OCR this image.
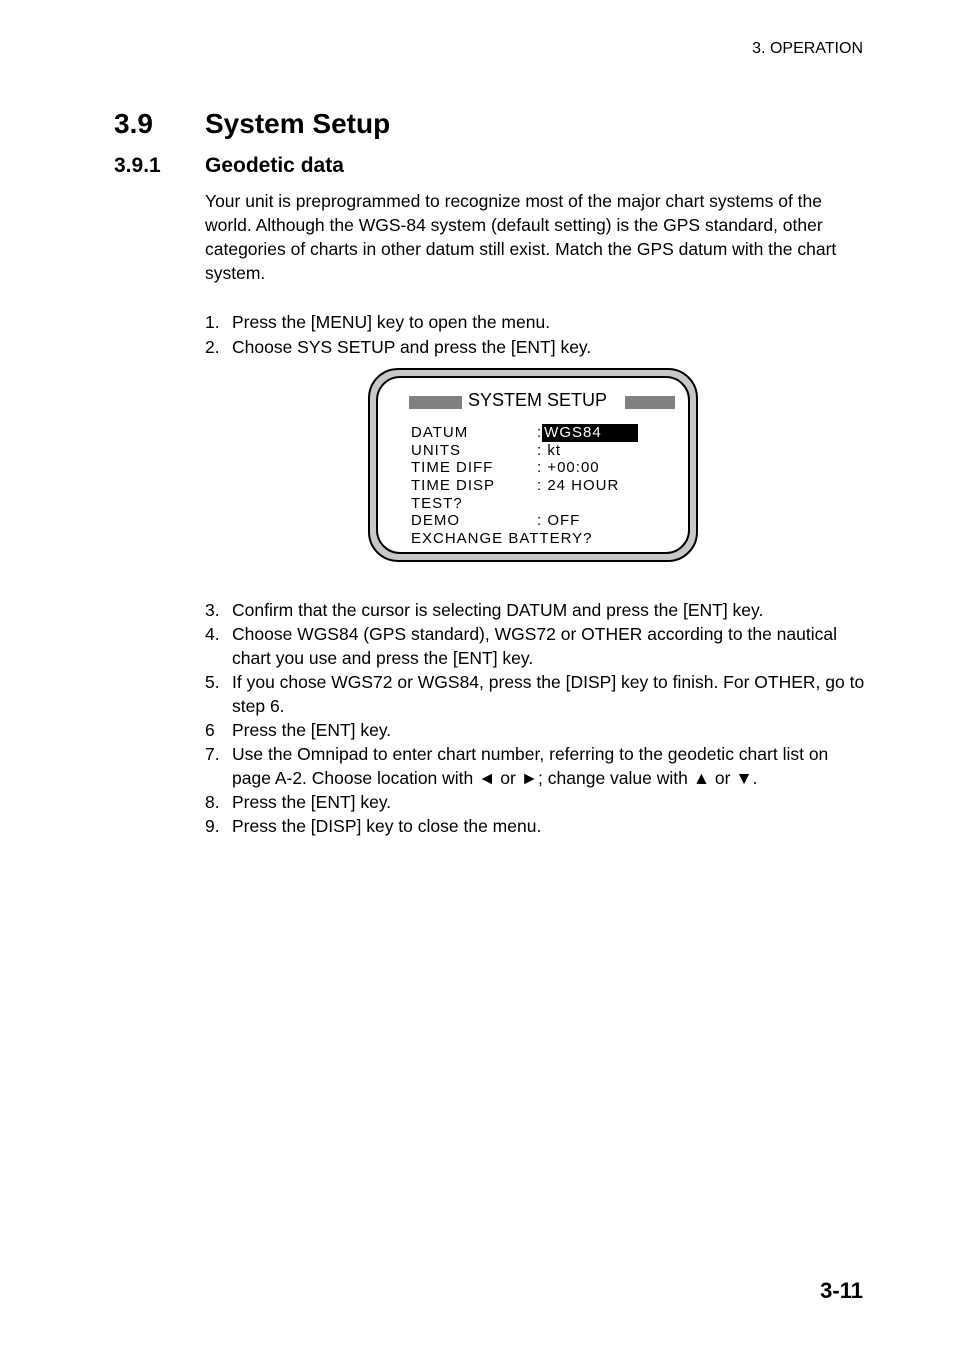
3. OPERATION
3.9 System Setup
3.9.1 Geodetic data

Your unit is preprogrammed to recognize most of the major chart systems of the world. Although the WGS-84 system (default setting) is the GPS standard, other categories of charts in other datum still exist. Match the GPS datum with the chart system.

1. Press the [MENU] key to open the menu.
2. Choose SYS SETUP and press the [ENT] key.
SYSTEM SETUP
DATUM	: WGS84
UNITS	: kt
TIME DIFF	: +00:00
TIME DISP	: 24 HOUR
TEST?
DEMO	: OFF
EXCHANGE BATTERY?
3. Confirm that the cursor is selecting DATUM and press the [ENT] key.
4. Choose WGS84 (GPS standard), WGS72 or OTHER according to the nautical chart you use and press the [ENT] key.
5. If you chose WGS72 or WGS84, press the [DISP] key to finish. For OTHER, go to step 6.
6 Press the [ENT] key.
7. Use the Omnipad to enter chart number, referring to the geodetic chart list on page A-2. Choose location with ◄ or ►; change value with ▲ or ▼.
8. Press the [ENT] key.
9. Press the [DISP] key to close the menu.
3-11
